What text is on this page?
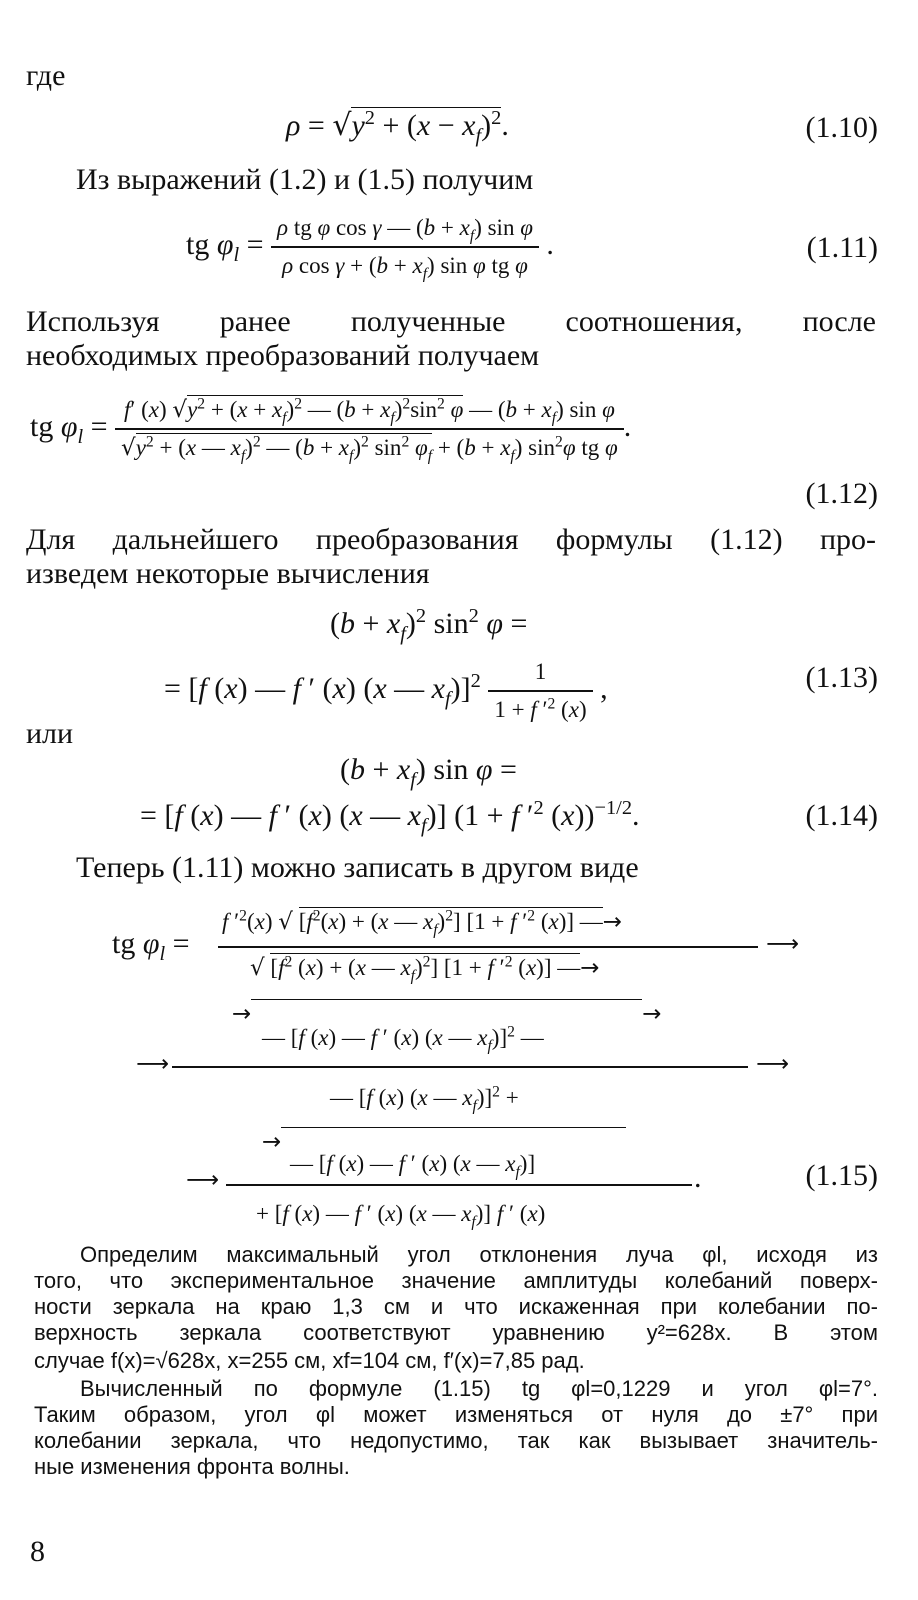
где
$\rho = √y^2 + (x - x_f)^2$.	(1.10)
Из выражений (1.2) и (1.5) получим
tg $\varphi_l = \frac{\rho tg \varphi \cos \gamma — (b + x_f) \sin \varphi}{\rho \cos \gamma + (b + x_f) \sin \varphi tg \varphi}$ .	(1.11)
Используя ранее полученные соотношения, после
необходимых преобразований получаем
tg $\varphi_l = \frac{f' (x) √y^2 + (x + x_f)^2 — (b + x_f)^2\sin^2 \varphi — (b + x_f) \sin \varphi}{√y^2 + (x — x_f)^2 — (b + x_f)^2 \sin^2 \varphi_f + (b + x_f) \sin^2\varphi tg \varphi}$ .
(1.12)
Для дальнейшего преобразования формулы (1.12) про-
изведем некоторые вычисления
$(b + x_f)^2$ $\sin^2 \varphi$ =
= [f (x) — f ′ (x) (x — $x_f)]^2 \frac{1}{1 + f '^2 (x)}$ ,	(1.13)
или
$(b + x_f)$ sin φ =
= [f (x) — f ′ (x) (x — $x_f$)] (1 + f $'^2$ (x))$^{-1/2}$.	(1.14)
Теперь (1.11) можно записать в другом виде
tg $\varphi_l$ =
f $'^2(x)$ √ [$f^2(x) + (x$ — $x_f)^2$] [1 + f $'^2$ (x)] —→
⟶
√ [$f^2$ (x) + (x — $x_f)^2$] [1 + f $'^2$ (x)] —→
→                 	→
— [f (x) — f ′ (x) (x — $x_f)]^2$ —
⟶	⟶
— [f (x) (x — $x_f)]^2$ +
→               
— [f (x) — f ′ (x) (x — $x_f$)]
⟶	.
+ [f (x) — f ′ (x) (x — $x_f$)] f ′ (x)
(1.15)
Определим максимальный угол отклонения луча φl, исходя из
того, что экспериментальное значение амплитуды колебаний поверх-
ности зеркала на краю 1,3 см и что искаженная при колебании по-
верхность зеркала соответствуют уравнению y²=628x. В этом
случае f(x)=√628x, x=255 см, xf=104 см, f′(x)=7,85 рад.
Вычисленный по формуле (1.15) tg φl=0,1229 и угол φl=7°.
Таким образом, угол φl может изменяться от нуля до ±7° при
колебании зеркала, что недопустимо, так как вызывает значитель-
ные изменения фронта волны.
8
